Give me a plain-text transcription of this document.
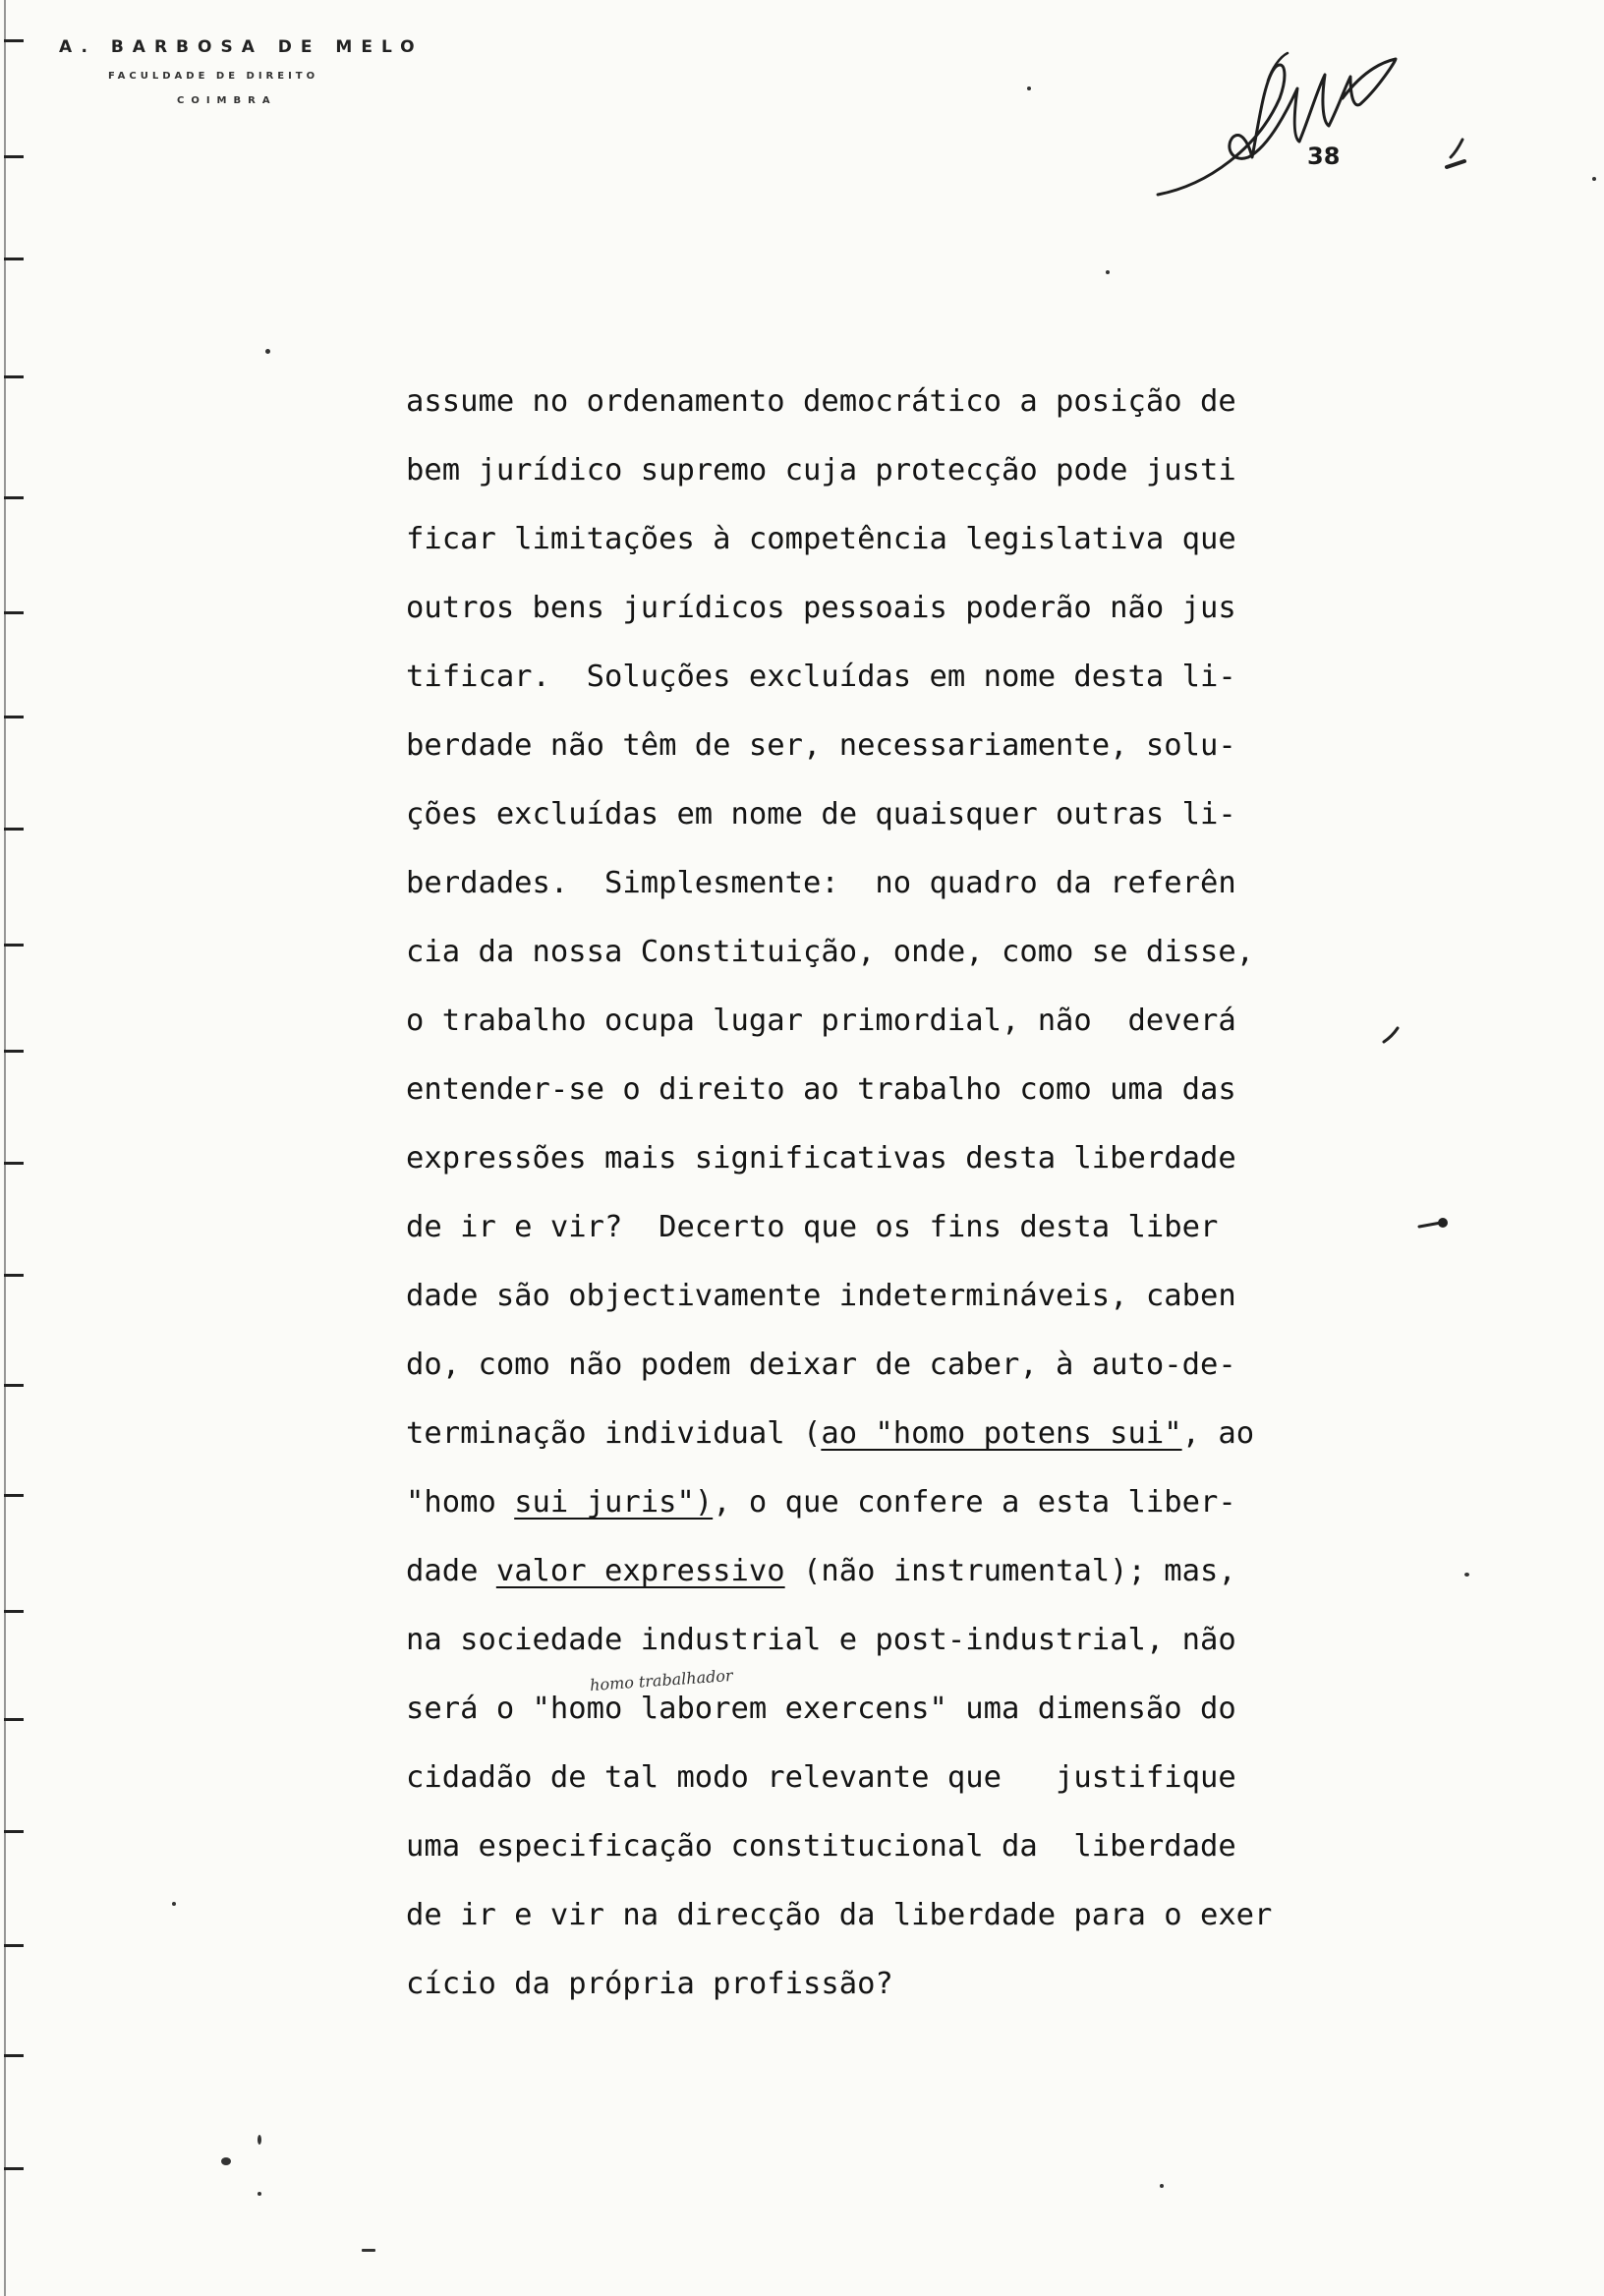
A. BARBOSA DE MELO
FACULDADE DE DIREITO
COIMBRA
38
assume no ordenamento democrático a posição de
bem jurídico supremo cuja protecção pode justi
ficar limitações à competência legislativa que
outros bens jurídicos pessoais poderão não jus
tificar.  Soluções excluídas em nome desta li-
berdade não têm de ser, necessariamente, solu-
ções excluídas em nome de quaisquer outras li-
berdades.  Simplesmente:  no quadro da referên
cia da nossa Constituição, onde, como se disse,
o trabalho ocupa lugar primordial, não  deverá
entender-se o direito ao trabalho como uma das
expressões mais significativas desta liberdade
de ir e vir?  Decerto que os fins desta liber
dade são objectivamente indetermináveis, caben
do, como não podem deixar de caber, à auto-de-
terminação individual (ao "homo potens sui", ao
"homo sui juris"), o que confere a esta liber-
dade valor expressivo (não instrumental); mas,
na sociedade industrial e post-industrial, não
será o "homo laborem exercens" uma dimensão do
cidadão de tal modo relevante que   justifique
uma especificação constitucional da  liberdade
de ir e vir na direcção da liberdade para o exer
cício da própria profissão?
homo trabalhador
